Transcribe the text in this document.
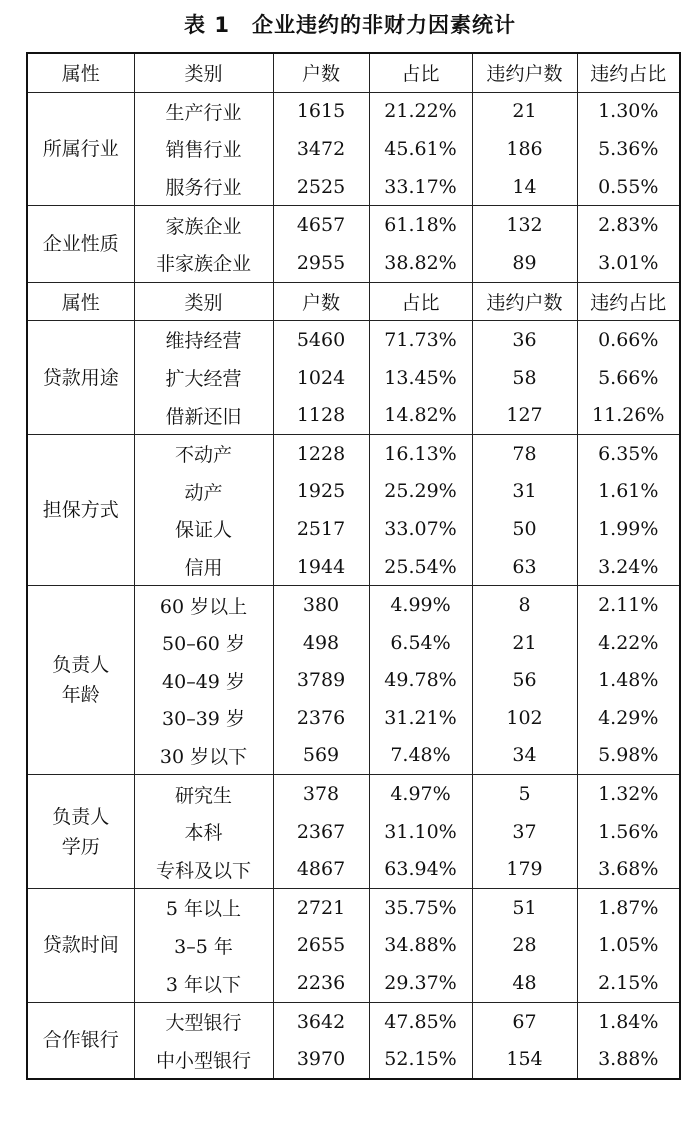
表 1　企业违约的非财力因素统计
属性	类别	户数	占比	违约户数	违约占比

所属行业	生产行业	1615	21.22%	21	1.30%
	销售行业	3472	45.61%	186	5.36%
	服务行业	2525	33.17%	14	0.55%

企业性质	家族企业	4657	61.18%	132	2.83%
	非家族企业	2955	38.82%	89	3.01%
属性	类别	户数	占比	违约户数	违约占比

贷款用途	维持经营	5460	71.73%	36	0.66%
	扩大经营	1024	13.45%	58	5.66%
	借新还旧	1128	14.82%	127	11.26%

担保方式	不动产	1228	16.13%	78	6.35%
	动产	1925	25.29%	31	1.61%
	保证人	2517	33.07%	50	1.99%
	信用	1944	25.54%	63	3.24%

负责人
年龄	60 岁以上	380	4.99%	8	2.11%
	50–60 岁	498	6.54%	21	4.22%
	40–49 岁	3789	49.78%	56	1.48%
	30–39 岁	2376	31.21%	102	4.29%
	30 岁以下	569	7.48%	34	5.98%

负责人
学历	研究生	378	4.97%	5	1.32%
	本科	2367	31.10%	37	1.56%
	专科及以下	4867	63.94%	179	3.68%

贷款时间	5 年以上	2721	35.75%	51	1.87%
	3–5 年	2655	34.88%	28	1.05%
	3 年以下	2236	29.37%	48	2.15%

合作银行	大型银行	3642	47.85%	67	1.84%
	中小型银行	3970	52.15%	154	3.88%
